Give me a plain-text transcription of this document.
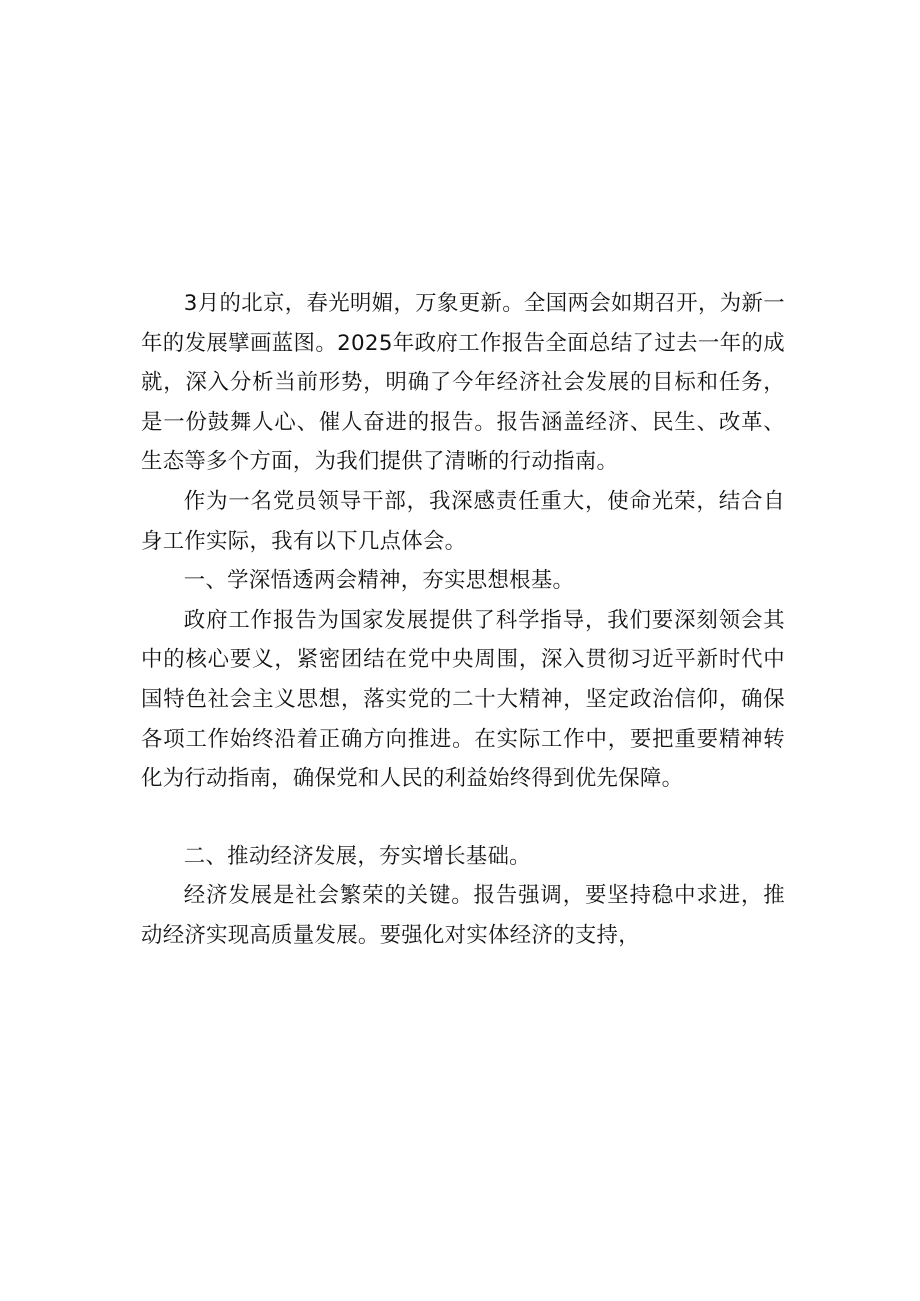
3月的北京，春光明媚，万象更新。全国两会如期召开，为新一年的发展擘画蓝图。2025年政府工作报告全面总结了过去一年的成就，深入分析当前形势，明确了今年经济社会发展的目标和任务，是一份鼓舞人心、催人奋进的报告。报告涵盖经济、民生、改革、生态等多个方面，为我们提供了清晰的行动指南。

作为一名党员领导干部，我深感责任重大，使命光荣，结合自身工作实际，我有以下几点体会。

一、学深悟透两会精神，夯实思想根基。

政府工作报告为国家发展提供了科学指导，我们要深刻领会其中的核心要义，紧密团结在党中央周围，深入贯彻习近平新时代中国特色社会主义思想，落实党的二十大精神，坚定政治信仰，确保各项工作始终沿着正确方向推进。在实际工作中，要把重要精神转化为行动指南，确保党和人民的利益始终得到优先保障。

二、推动经济发展，夯实增长基础。

经济发展是社会繁荣的关键。报告强调，要坚持稳中求进，推动经济实现高质量发展。要强化对实体经济的支持，
